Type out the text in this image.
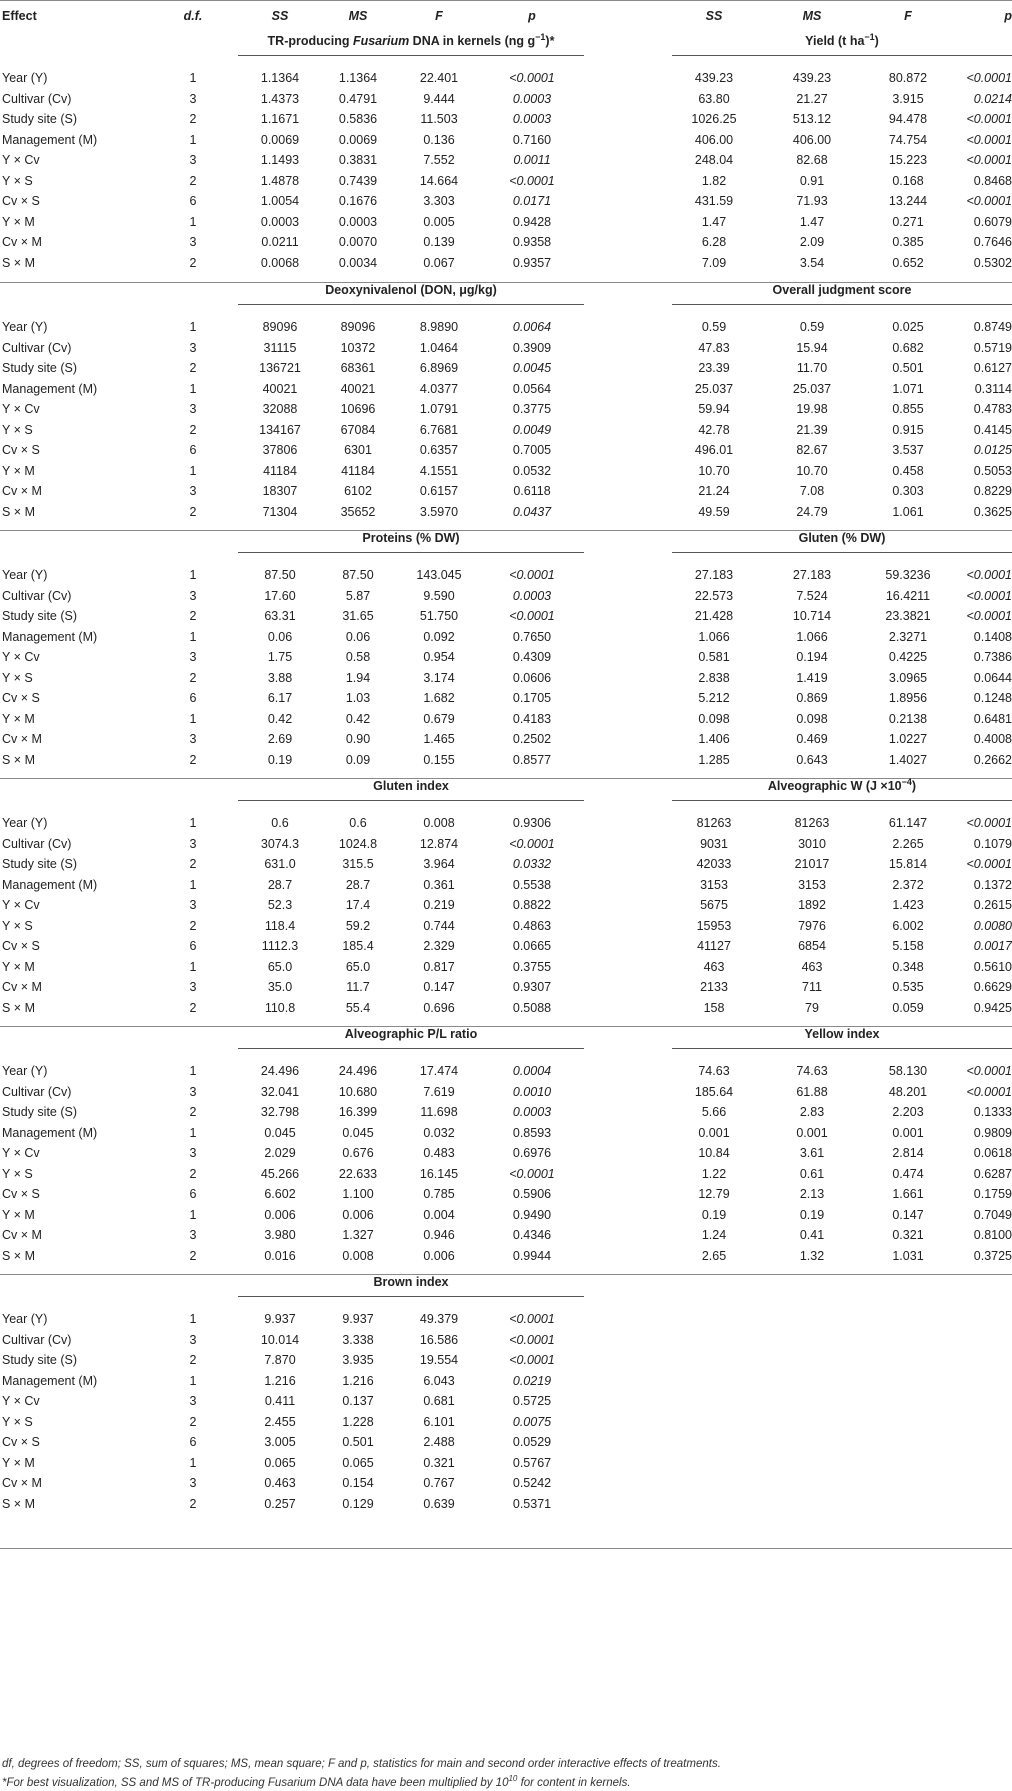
Effect	d.f.	SS	MS	F	p	SS	MS	F	p
TR-producing Fusarium DNA in kernels (ng $g^{-1})*$	Yield (t $ha^{-1}$)
Year (Y)	1	1.1364	1.1364	22.401	<0.0001	439.23	439.23	80.872	<0.0001
Cultivar (Cv)	3	1.4373	0.4791	9.444	0.0003	63.80	21.27	3.915	0.0214
Study site (S)	2	1.1671	0.5836	11.503	0.0003	1026.25	513.12	94.478	<0.0001
Management (M)	1	0.0069	0.0069	0.136	0.7160	406.00	406.00	74.754	<0.0001
Y × Cv	3	1.1493	0.3831	7.552	0.0011	248.04	82.68	15.223	<0.0001
Y × S	2	1.4878	0.7439	14.664	<0.0001	1.82	0.91	0.168	0.8468
Cv × S	6	1.0054	0.1676	3.303	0.0171	431.59	71.93	13.244	<0.0001
Y × M	1	0.0003	0.0003	0.005	0.9428	1.47	1.47	0.271	0.6079
Cv × M	3	0.0211	0.0070	0.139	0.9358	6.28	2.09	0.385	0.7646
S × M	2	0.0068	0.0034	0.067	0.9357	7.09	3.54	0.652	0.5302
Deoxynivalenol (DON, μg/kg)	Overall judgment score
Year (Y)	1	89096	89096	8.9890	0.0064	0.59	0.59	0.025	0.8749
Cultivar (Cv)	3	31115	10372	1.0464	0.3909	47.83	15.94	0.682	0.5719
Study site (S)	2	136721	68361	6.8969	0.0045	23.39	11.70	0.501	0.6127
Management (M)	1	40021	40021	4.0377	0.0564	25.037	25.037	1.071	0.3114
Y × Cv	3	32088	10696	1.0791	0.3775	59.94	19.98	0.855	0.4783
Y × S	2	134167	67084	6.7681	0.0049	42.78	21.39	0.915	0.4145
Cv × S	6	37806	6301	0.6357	0.7005	496.01	82.67	3.537	0.0125
Y × M	1	41184	41184	4.1551	0.0532	10.70	10.70	0.458	0.5053
Cv × M	3	18307	6102	0.6157	0.6118	21.24	7.08	0.303	0.8229
S × M	2	71304	35652	3.5970	0.0437	49.59	24.79	1.061	0.3625
Proteins (% DW)	Gluten (% DW)
Year (Y)	1	87.50	87.50	143.045	<0.0001	27.183	27.183	59.3236	<0.0001
Cultivar (Cv)	3	17.60	5.87	9.590	0.0003	22.573	7.524	16.4211	<0.0001
Study site (S)	2	63.31	31.65	51.750	<0.0001	21.428	10.714	23.3821	<0.0001
Management (M)	1	0.06	0.06	0.092	0.7650	1.066	1.066	2.3271	0.1408
Y × Cv	3	1.75	0.58	0.954	0.4309	0.581	0.194	0.4225	0.7386
Y × S	2	3.88	1.94	3.174	0.0606	2.838	1.419	3.0965	0.0644
Cv × S	6	6.17	1.03	1.682	0.1705	5.212	0.869	1.8956	0.1248
Y × M	1	0.42	0.42	0.679	0.4183	0.098	0.098	0.2138	0.6481
Cv × M	3	2.69	0.90	1.465	0.2502	1.406	0.469	1.0227	0.4008
S × M	2	0.19	0.09	0.155	0.8577	1.285	0.643	1.4027	0.2662
Gluten index	Alveographic W $(J \times 10^{-4})$
Year (Y)	1	0.6	0.6	0.008	0.9306	81263	81263	61.147	<0.0001
Cultivar (Cv)	3	3074.3	1024.8	12.874	<0.0001	9031	3010	2.265	0.1079
Study site (S)	2	631.0	315.5	3.964	0.0332	42033	21017	15.814	<0.0001
Management (M)	1	28.7	28.7	0.361	0.5538	3153	3153	2.372	0.1372
Y × Cv	3	52.3	17.4	0.219	0.8822	5675	1892	1.423	0.2615
Y × S	2	118.4	59.2	0.744	0.4863	15953	7976	6.002	0.0080
Cv × S	6	1112.3	185.4	2.329	0.0665	41127	6854	5.158	0.0017
Y × M	1	65.0	65.0	0.817	0.3755	463	463	0.348	0.5610
Cv × M	3	35.0	11.7	0.147	0.9307	2133	711	0.535	0.6629
S × M	2	110.8	55.4	0.696	0.5088	158	79	0.059	0.9425
Alveographic P/L ratio	Yellow index
Year (Y)	1	24.496	24.496	17.474	0.0004	74.63	74.63	58.130	<0.0001
Cultivar (Cv)	3	32.041	10.680	7.619	0.0010	185.64	61.88	48.201	<0.0001
Study site (S)	2	32.798	16.399	11.698	0.0003	5.66	2.83	2.203	0.1333
Management (M)	1	0.045	0.045	0.032	0.8593	0.001	0.001	0.001	0.9809
Y × Cv	3	2.029	0.676	0.483	0.6976	10.84	3.61	2.814	0.0618
Y × S	2	45.266	22.633	16.145	<0.0001	1.22	0.61	0.474	0.6287
Cv × S	6	6.602	1.100	0.785	0.5906	12.79	2.13	1.661	0.1759
Y × M	1	0.006	0.006	0.004	0.9490	0.19	0.19	0.147	0.7049
Cv × M	3	3.980	1.327	0.946	0.4346	1.24	0.41	0.321	0.8100
S × M	2	0.016	0.008	0.006	0.9944	2.65	1.32	1.031	0.3725
Brown index
Year (Y)	1	9.937	9.937	49.379	<0.0001
Cultivar (Cv)	3	10.014	3.338	16.586	<0.0001
Study site (S)	2	7.870	3.935	19.554	<0.0001
Management (M)	1	1.216	1.216	6.043	0.0219
Y × Cv	3	0.411	0.137	0.681	0.5725
Y × S	2	2.455	1.228	6.101	0.0075
Cv × S	6	3.005	0.501	2.488	0.0529
Y × M	1	0.065	0.065	0.321	0.5767
Cv × M	3	0.463	0.154	0.767	0.5242
S × M	2	0.257	0.129	0.639	0.5371
df, degrees of freedom; SS, sum of squares; MS, mean square; F and p, statistics for main and second order interactive effects of treatments.
*For best visualization, SS and MS of TR-producing Fusarium DNA data have been multiplied by $10^{10}$ for content in kernels.
